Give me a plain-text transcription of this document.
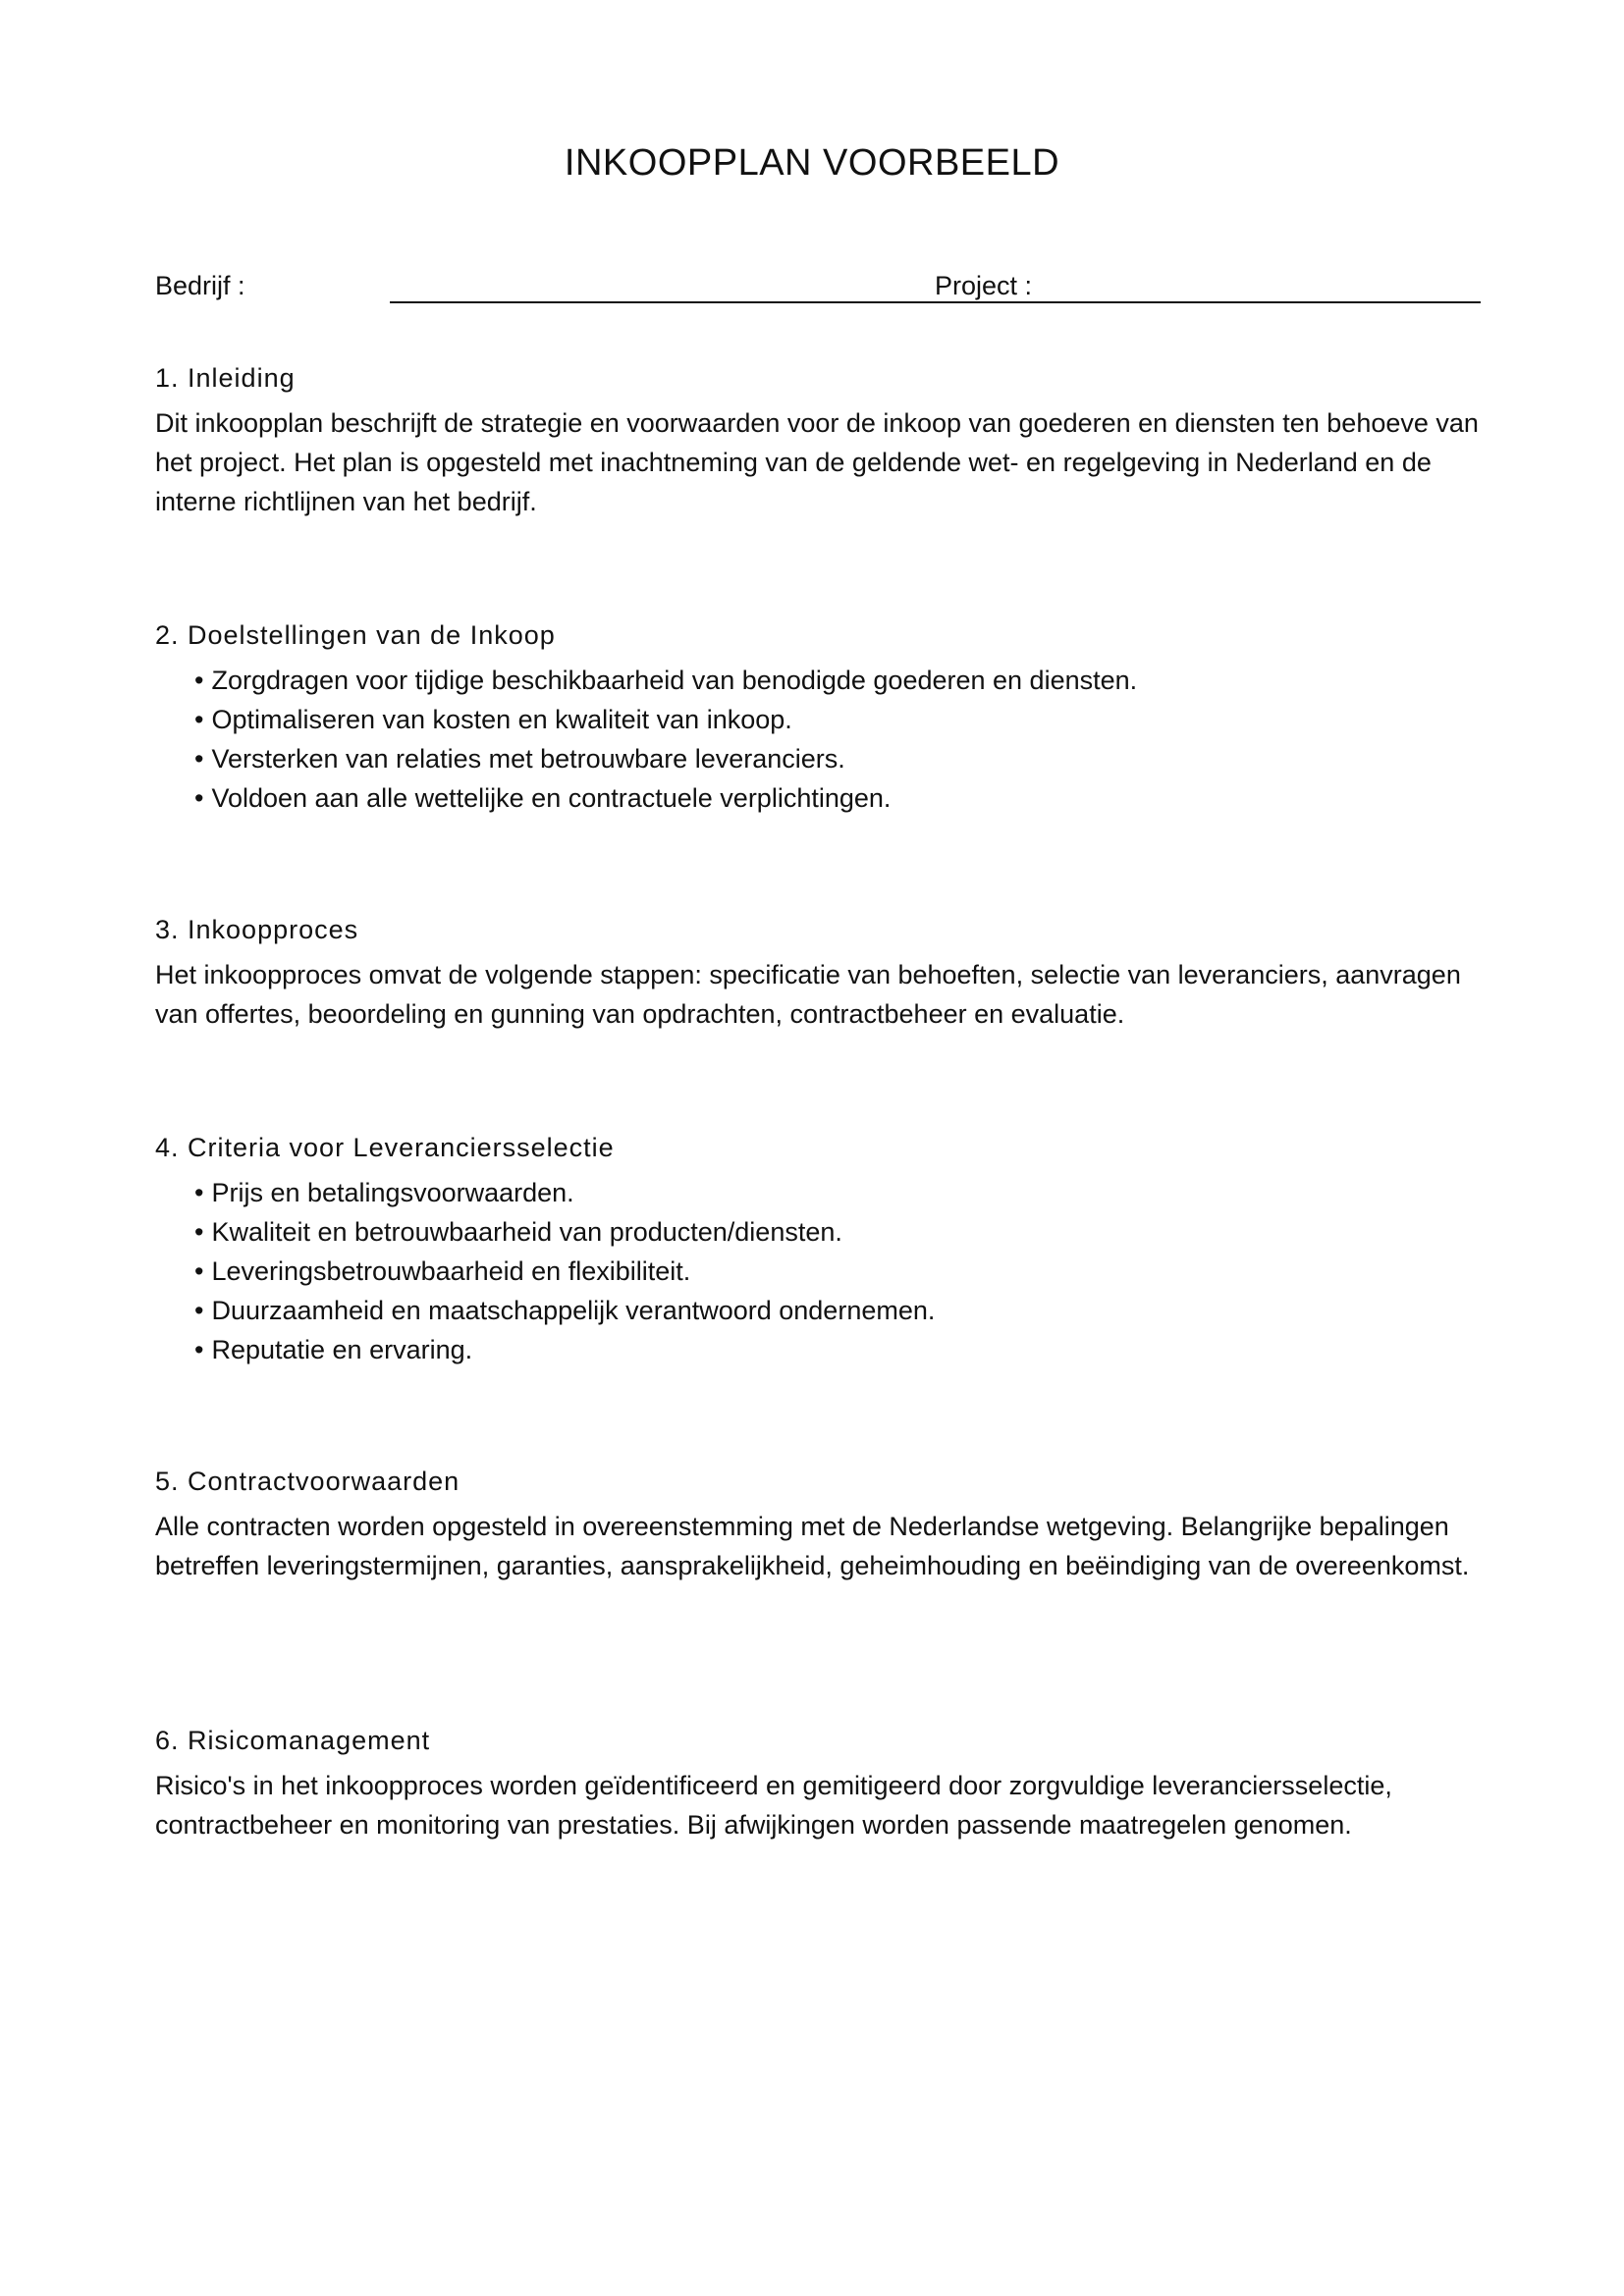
INKOOPPLAN VOORBEELD
Bedrijf :	Project :
1. Inleiding

Dit inkoopplan beschrijft de strategie en voorwaarden voor de inkoop van goederen en diensten ten behoeve van het project. Het plan is opgesteld met inachtneming van de geldende wet- en regelgeving in Nederland en de interne richtlijnen van het bedrijf.

2. Doelstellingen van de Inkoop
• Zorgdragen voor tijdige beschikbaarheid van benodigde goederen en diensten.
• Optimaliseren van kosten en kwaliteit van inkoop.
• Versterken van relaties met betrouwbare leveranciers.
• Voldoen aan alle wettelijke en contractuele verplichtingen.
3. Inkoopproces

Het inkoopproces omvat de volgende stappen: specificatie van behoeften, selectie van leveranciers, aanvragen van offertes, beoordeling en gunning van opdrachten, contractbeheer en evaluatie.

4. Criteria voor Leveranciersselectie
• Prijs en betalingsvoorwaarden.
• Kwaliteit en betrouwbaarheid van producten/diensten.
• Leveringsbetrouwbaarheid en flexibiliteit.
• Duurzaamheid en maatschappelijk verantwoord ondernemen.
• Reputatie en ervaring.
5. Contractvoorwaarden

Alle contracten worden opgesteld in overeenstemming met de Nederlandse wetgeving. Belangrijke bepalingen betreffen leveringstermijnen, garanties, aansprakelijkheid, geheimhouding en beëindiging van de overeenkomst.

6. Risicomanagement

Risico's in het inkoopproces worden geïdentificeerd en gemitigeerd door zorgvuldige leveranciersselectie, contractbeheer en monitoring van prestaties. Bij afwijkingen worden passende maatregelen genomen.
